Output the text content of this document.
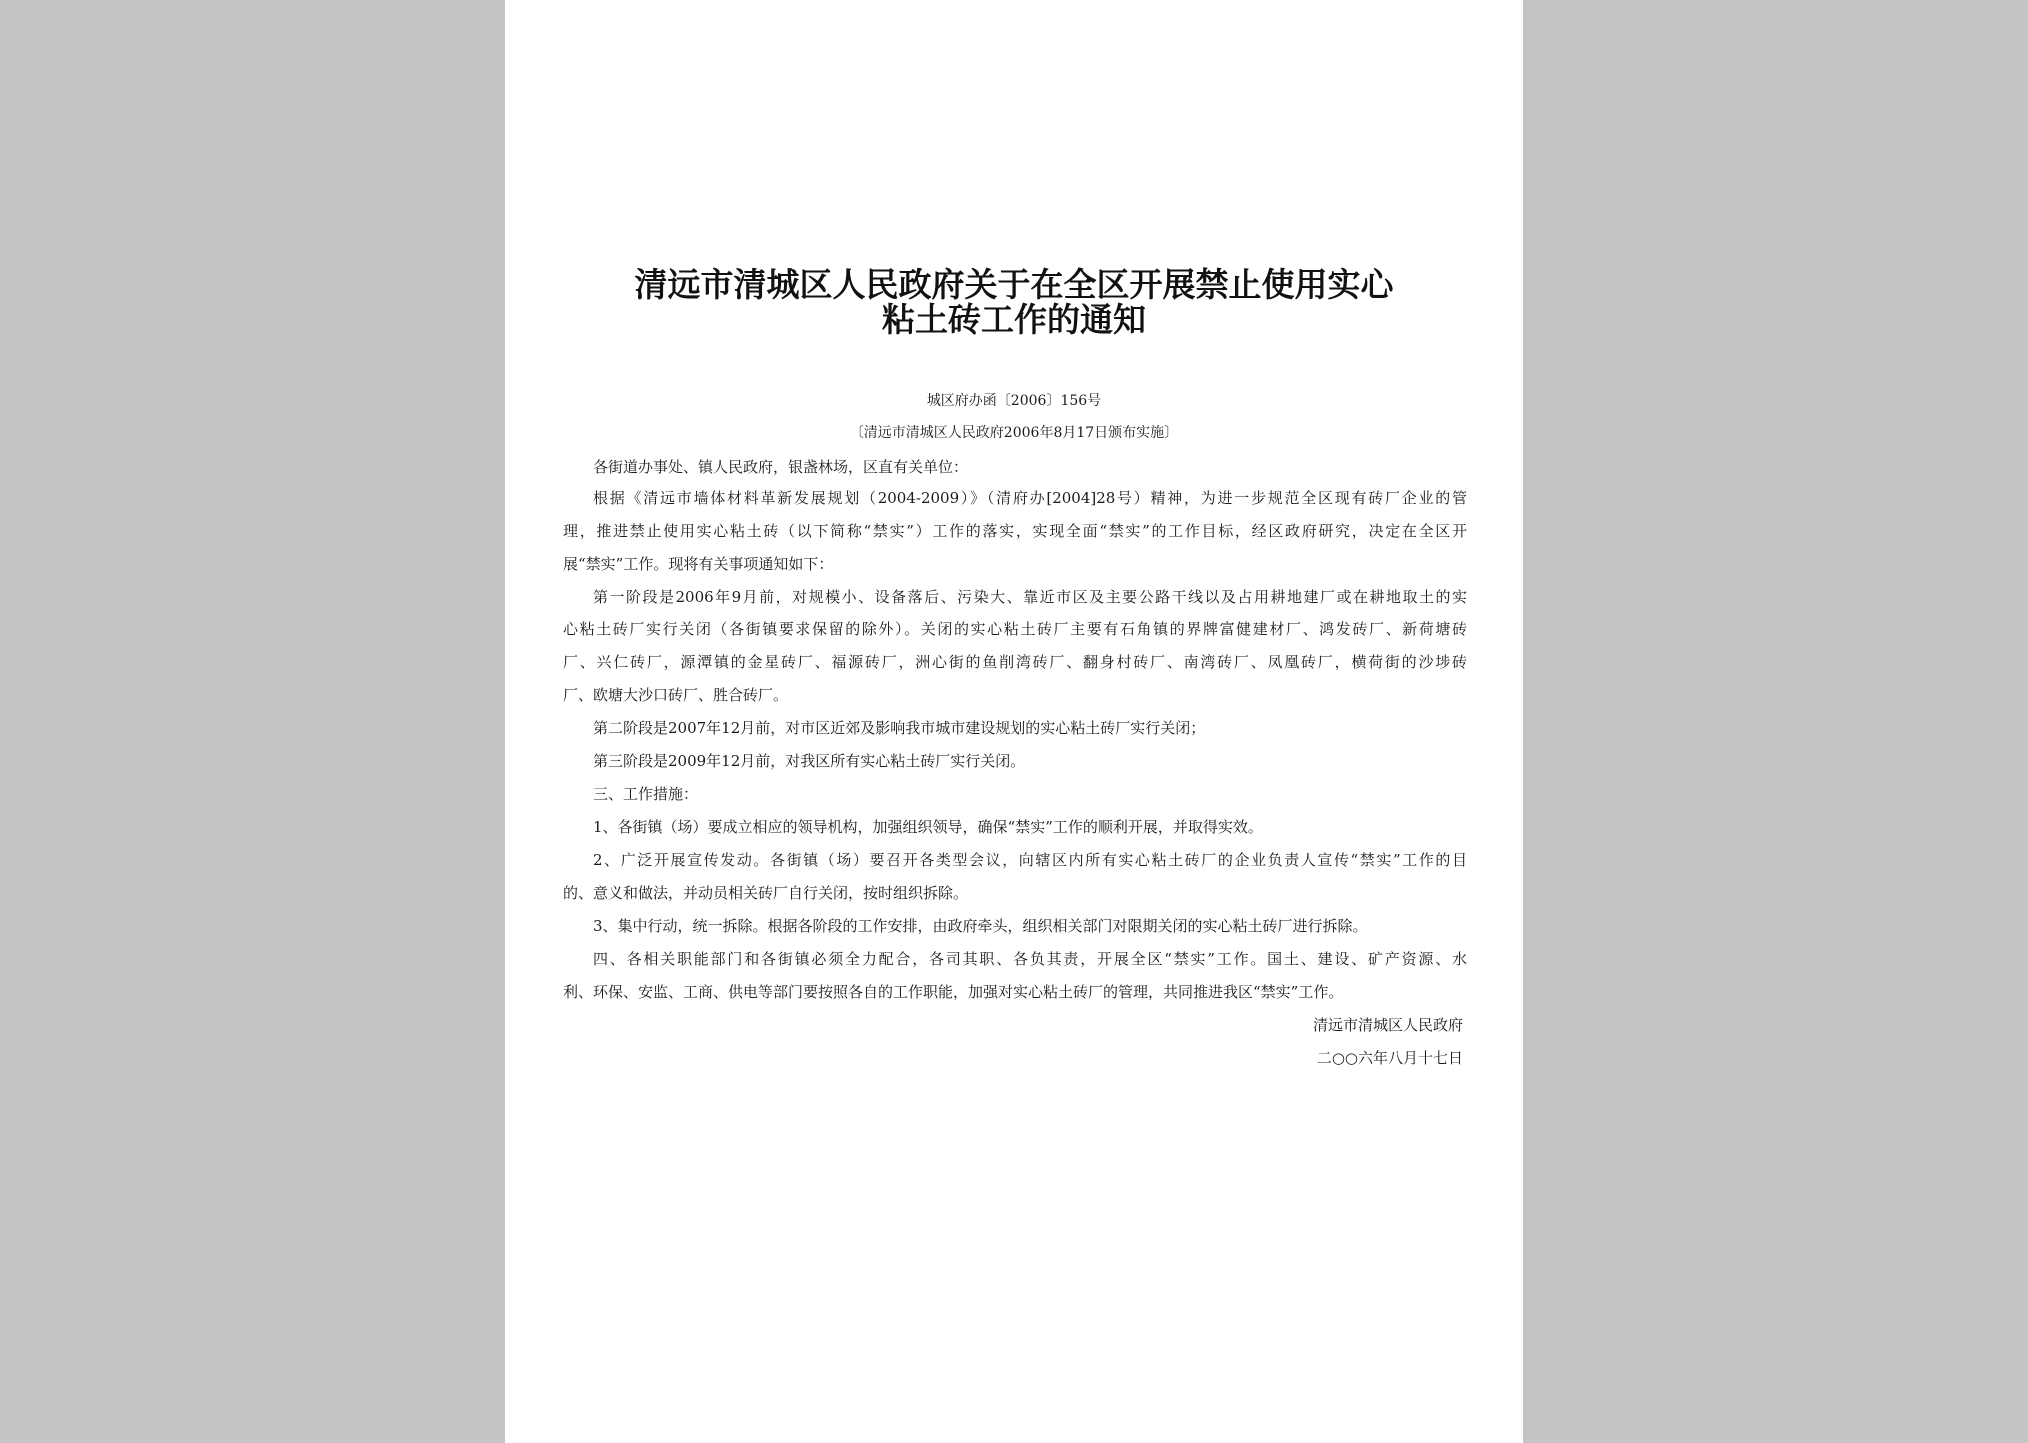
清远市清城区人民政府关于在全区开展禁止使用实心
粘土砖工作的通知
城区府办函〔2006〕156号
〔清远市清城区人民政府2006年8月17日颁布实施〕
各街道办事处、镇人民政府，银盏林场，区直有关单位：
根据《清远市墙体材料革新发展规划（2004-2009）》（清府办[2004]28号）精神，为进一步规范全区现有砖厂企业的管
理，推进禁止使用实心粘土砖（以下简称“禁实”）工作的落实，实现全面“禁实”的工作目标，经区政府研究，决定在全区开
展“禁实”工作。现将有关事项通知如下：
第一阶段是2006年9月前，对规模小、设备落后、污染大、靠近市区及主要公路干线以及占用耕地建厂或在耕地取土的实
心粘土砖厂实行关闭（各街镇要求保留的除外）。关闭的实心粘土砖厂主要有石角镇的界牌富健建材厂、鸿发砖厂、新荷塘砖
厂、兴仁砖厂，源潭镇的金星砖厂、福源砖厂，洲心街的鱼削湾砖厂、翻身村砖厂、南湾砖厂、凤凰砖厂，横荷街的沙埗砖
厂、欧塘大沙口砖厂、胜合砖厂。
第二阶段是2007年12月前，对市区近郊及影响我市城市建设规划的实心粘土砖厂实行关闭；
第三阶段是2009年12月前，对我区所有实心粘土砖厂实行关闭。
三、工作措施：
1、各街镇（场）要成立相应的领导机构，加强组织领导，确保“禁实”工作的顺利开展，并取得实效。
2、广泛开展宣传发动。各街镇（场）要召开各类型会议，向辖区内所有实心粘土砖厂的企业负责人宣传“禁实”工作的目
的、意义和做法，并动员相关砖厂自行关闭，按时组织拆除。
3、集中行动，统一拆除。根据各阶段的工作安排，由政府牵头，组织相关部门对限期关闭的实心粘土砖厂进行拆除。
四、各相关职能部门和各街镇必须全力配合，各司其职、各负其责，开展全区“禁实”工作。国土、建设、矿产资源、水
利、环保、安监、工商、供电等部门要按照各自的工作职能，加强对实心粘土砖厂的管理，共同推进我区“禁实”工作。
清远市清城区人民政府
二○○六年八月十七日
